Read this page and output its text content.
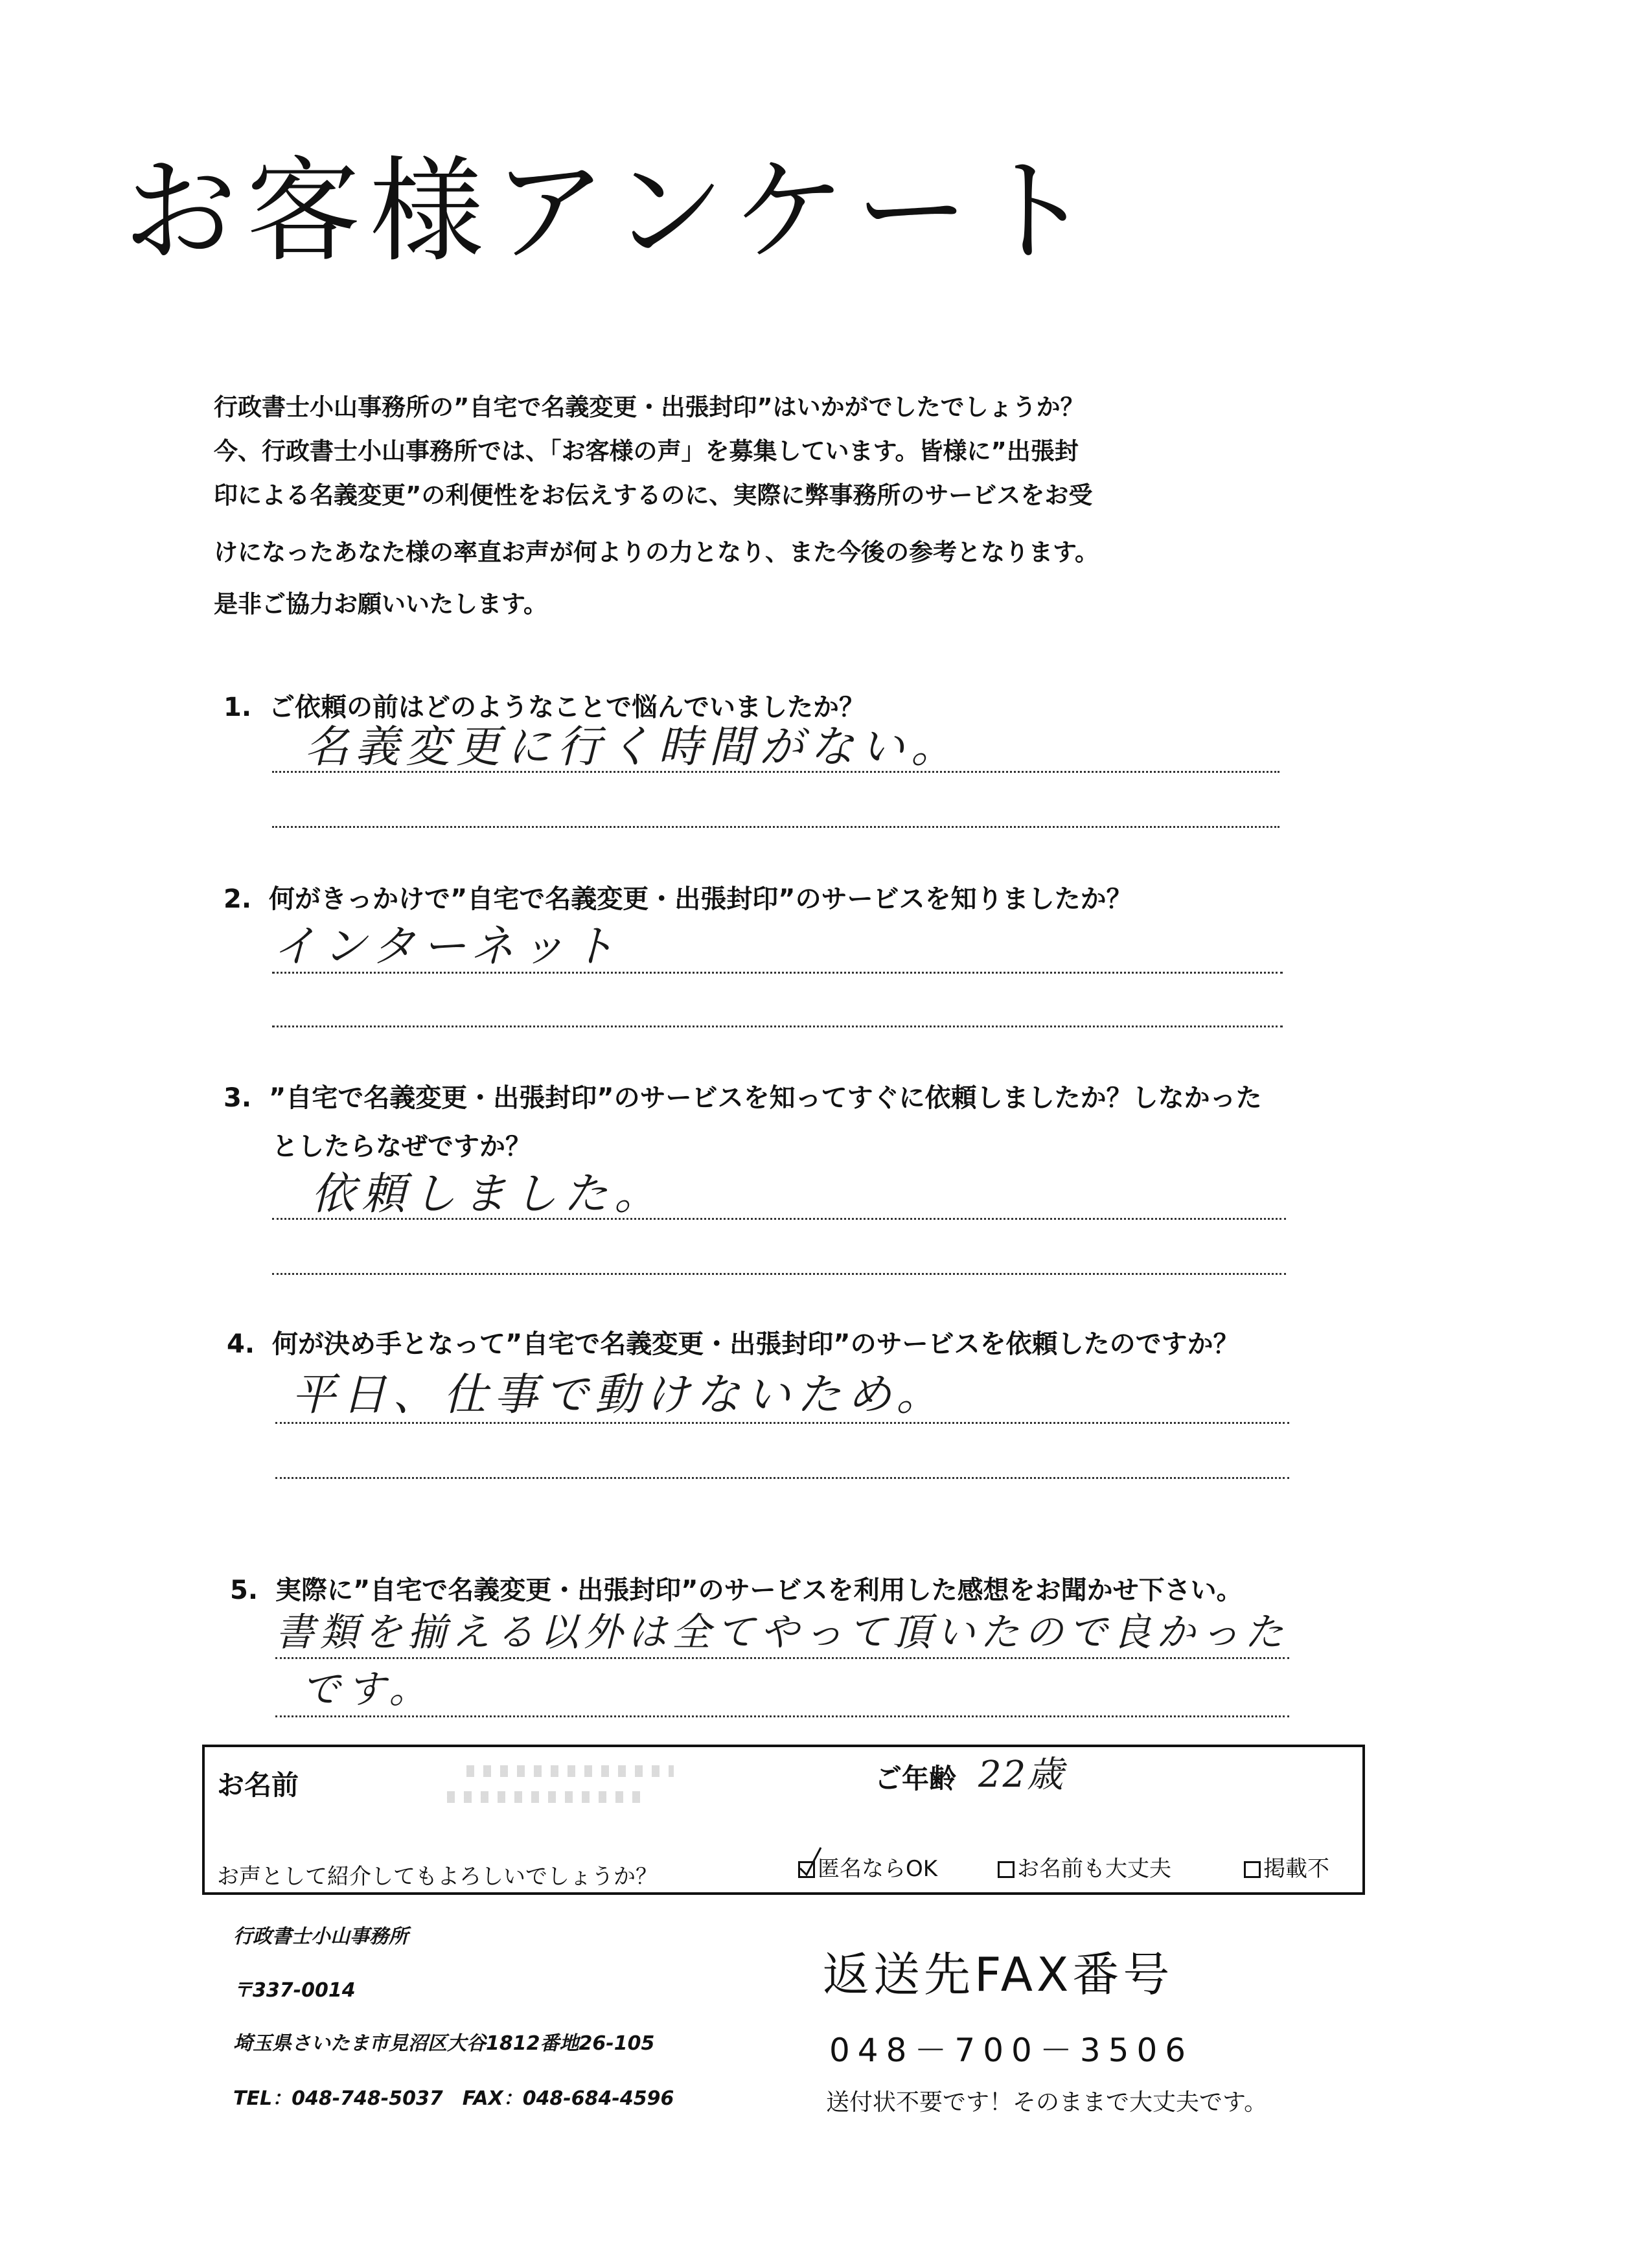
お客様アンケート
行政書士小山事務所の”自宅で名義変更・出張封印”はいかがでしたでしょうか？
今、行政書士小山事務所では、「お客様の声」を募集しています。皆様に”出張封
印による名義変更”の利便性をお伝えするのに、実際に弊事務所のサービスをお受
けになったあなた様の率直お声が何よりの力となり、また今後の参考となります。
是非ご協力お願いいたします。
1. ご依頼の前はどのようなことで悩んでいましたか？
名義変更に行く時間がない。
2. 何がきっかけで”自宅で名義変更・出張封印”のサービスを知りましたか？
インターネット
3. ”自宅で名義変更・出張封印”のサービスを知ってすぐに依頼しましたか？しなかった
としたらなぜですか？
依頼しました。
4. 何が決め手となって”自宅で名義変更・出張封印”のサービスを依頼したのですか？
平日、仕事で動けないため。
5. 実際に”自宅で名義変更・出張封印”のサービスを利用した感想をお聞かせ下さい。
書類を揃える以外は全てやって頂いたので良かった
です。
お名前	ご年齢 22歳
お声として紹介してもよろしいでしょうか？	匿名ならOK	お名前も大丈夫	掲載不
行政書士小山事務所
〒337-0014
埼玉県さいたま市見沼区大谷1812番地26-105
TEL：048-748-5037　FAX：048-684-4596
返送先FAX番号
048－700－3506
送付状不要です！そのままで大丈夫です。
